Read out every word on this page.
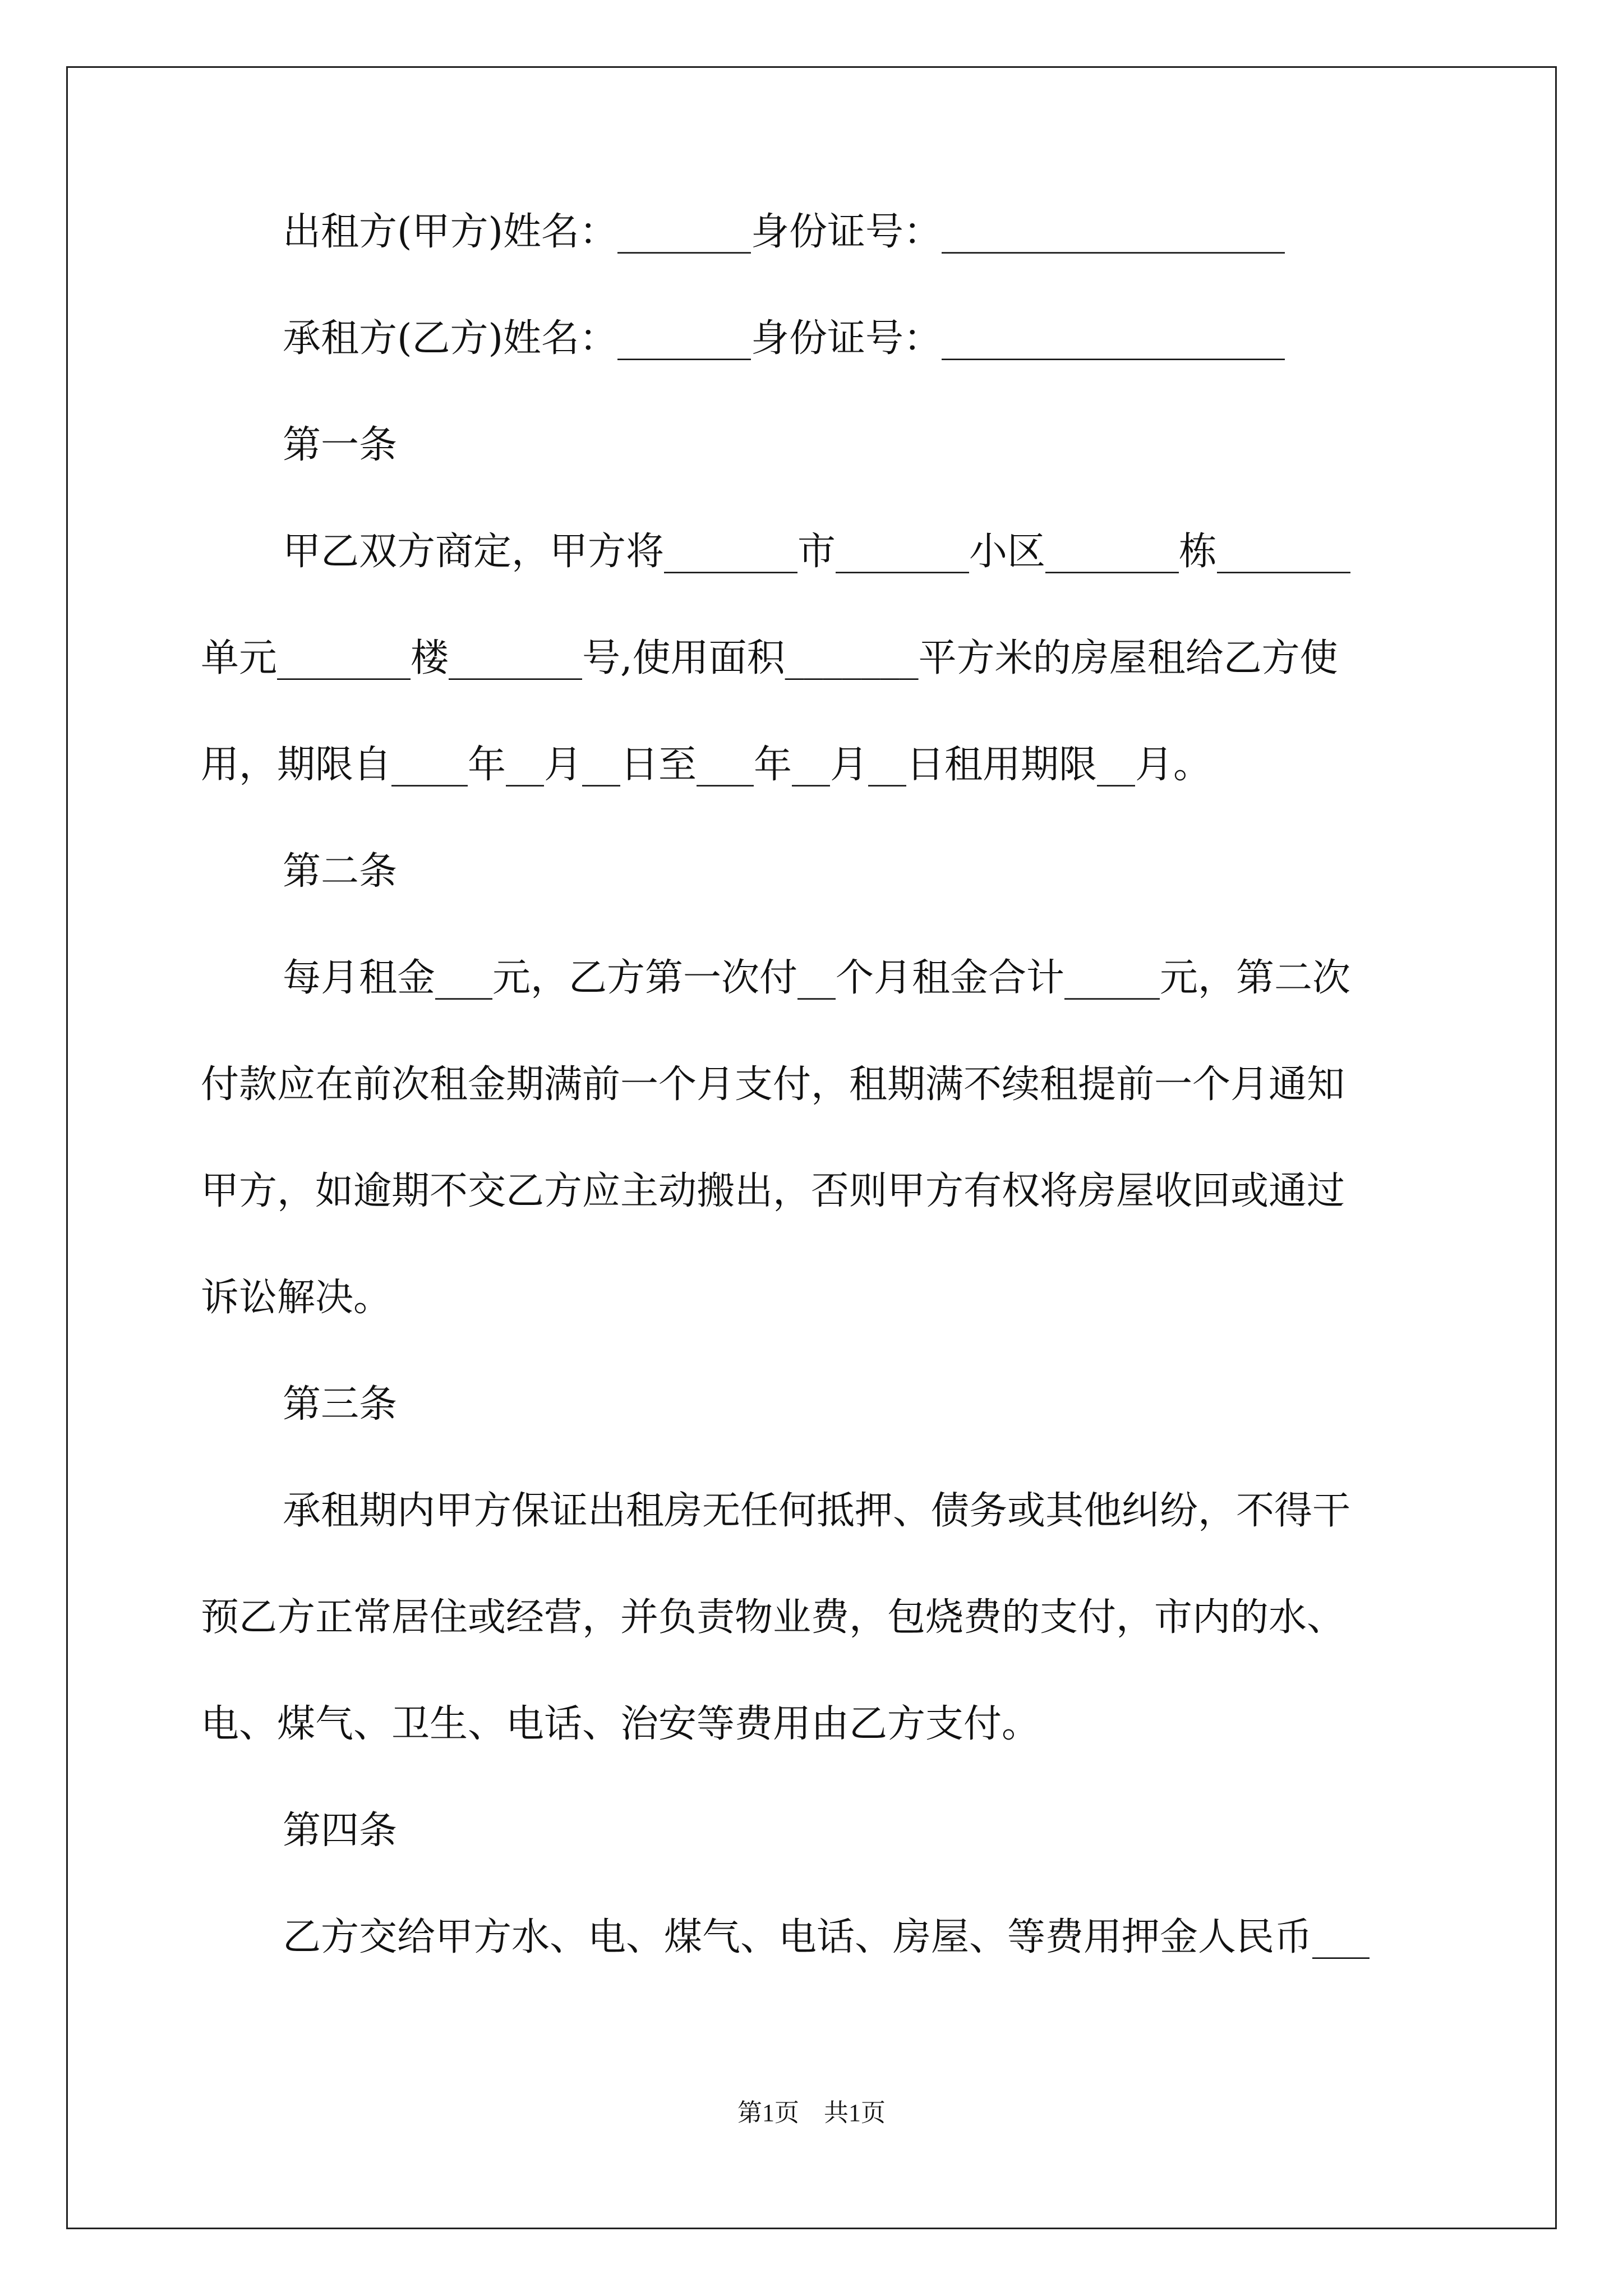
出租方(甲方)姓名：_______身份证号：__________________
承租方(乙方)姓名：_______身份证号：__________________
第一条
甲乙双方商定，甲方将_______市_______小区_______栋_______
单元_______楼_______号,使用面积_______平方米的房屋租给乙方使
用，期限自____年__月__日至___年__月__日租用期限__月。
第二条
每月租金___元，乙方第一次付__个月租金合计_____元，第二次
付款应在前次租金期满前一个月支付，租期满不续租提前一个月通知
甲方，如逾期不交乙方应主动搬出，否则甲方有权将房屋收回或通过
诉讼解决。
第三条
承租期内甲方保证出租房无任何抵押、债务或其他纠纷，不得干
预乙方正常居住或经营，并负责物业费，包烧费的支付，市内的水、
电、煤气、卫生、电话、治安等费用由乙方支付。
第四条
乙方交给甲方水、电、煤气、电话、房屋、等费用押金人民币___
第1页　共1页
